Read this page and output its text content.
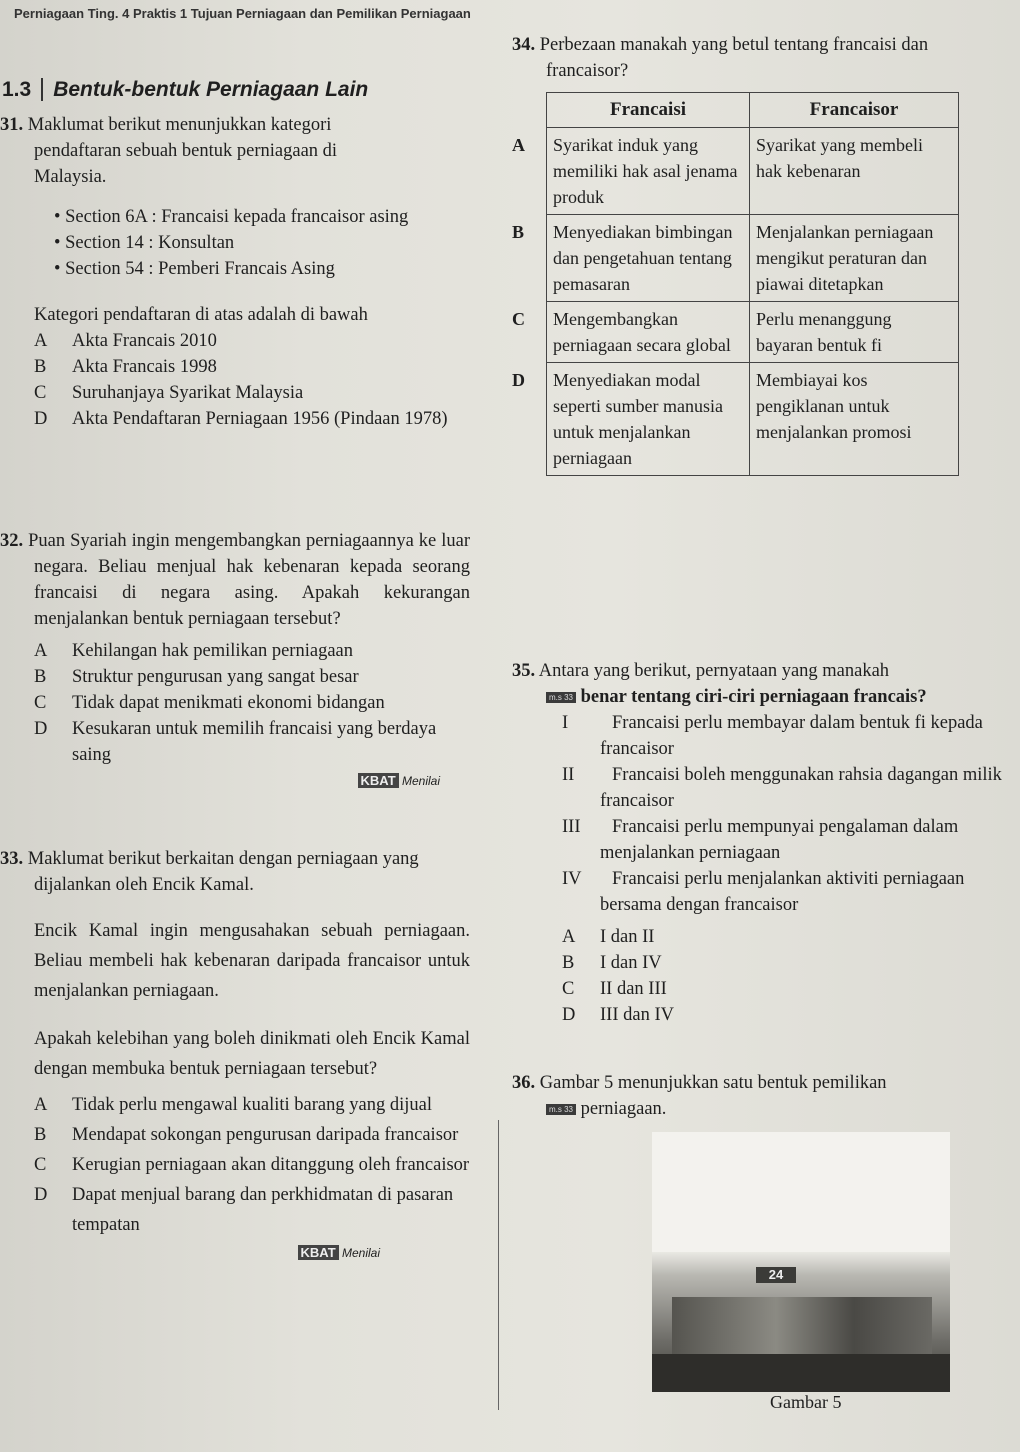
Perniagaan Ting. 4 Praktis 1 Tujuan Perniagaan dan Pemilikan Perniagaan
1.3 Bentuk-bentuk Perniagaan Lain

31. Maklumat berikut menunjukkan kategori

pendaftaran sebuah bentuk perniagaan di

Malaysia.

• Section 6A : Francaisi kepada francaisor asing

• Section 14 : Konsultan

• Section 54 : Pemberi Francais Asing

Kategori pendaftaran di atas adalah di bawah

A Akta Francais 2010

B Akta Francais 1998

C Suruhanjaya Syarikat Malaysia

D Akta Pendaftaran Perniagaan 1956 (Pindaan 1978)

32. Puan Syariah ingin mengembangkan perniagaannya ke luar negara. Beliau menjual hak kebenaran kepada seorang francaisi di negara asing. Apakah kekurangan menjalankan bentuk perniagaan tersebut?

A Kehilangan hak pemilikan perniagaan

B Struktur pengurusan yang sangat besar

C Tidak dapat menikmati ekonomi bidangan

D Kesukaran untuk memilih francaisi yang berdaya saing

KBAT Menilai

33. Maklumat berikut berkaitan dengan perniagaan yang dijalankan oleh Encik Kamal.

Encik Kamal ingin mengusahakan sebuah perniagaan. Beliau membeli hak kebenaran daripada francaisor untuk menjalankan perniagaan.

Apakah kelebihan yang boleh dinikmati oleh Encik Kamal dengan membuka bentuk perniagaan tersebut?

A Tidak perlu mengawal kualiti barang yang dijual

B Mendapat sokongan pengurusan daripada francaisor

C Kerugian perniagaan akan ditanggung oleh francaisor

D Dapat menjual barang dan perkhidmatan di pasaran tempatan

KBAT Menilai

34. Perbezaan manakah yang betul tentang francaisi dan francaisor?

	Francaisi	Francaisor
A	Syarikat induk yang memiliki hak asal jenama produk	Syarikat yang membeli hak kebenaran
B	Menyediakan bimbingan dan pengetahuan tentang pemasaran	Menjalankan perniagaan mengikut peraturan dan piawai ditetapkan
C	Mengembangkan perniagaan secara global	Perlu menanggung bayaran bentuk fi
D	Menyediakan modal seperti sumber manusia untuk menjalankan perniagaan	Membiayai kos pengiklanan untuk menjalankan promosi

35. Antara yang berikut, pernyataan yang manakah

m.s 33 benar tentang ciri-ciri perniagaan francais?

I Francaisi perlu membayar dalam bentuk fi kepada francaisor

II Francaisi boleh menggunakan rahsia dagangan milik francaisor

III Francaisi perlu mempunyai pengalaman dalam menjalankan perniagaan

IV Francaisi perlu menjalankan aktiviti perniagaan bersama dengan francaisor

A I dan II

B I dan IV

C II dan III

D III dan IV

36. Gambar 5 menunjukkan satu bentuk pemilikan

m.s 33 perniagaan.

24
Gambar 5
